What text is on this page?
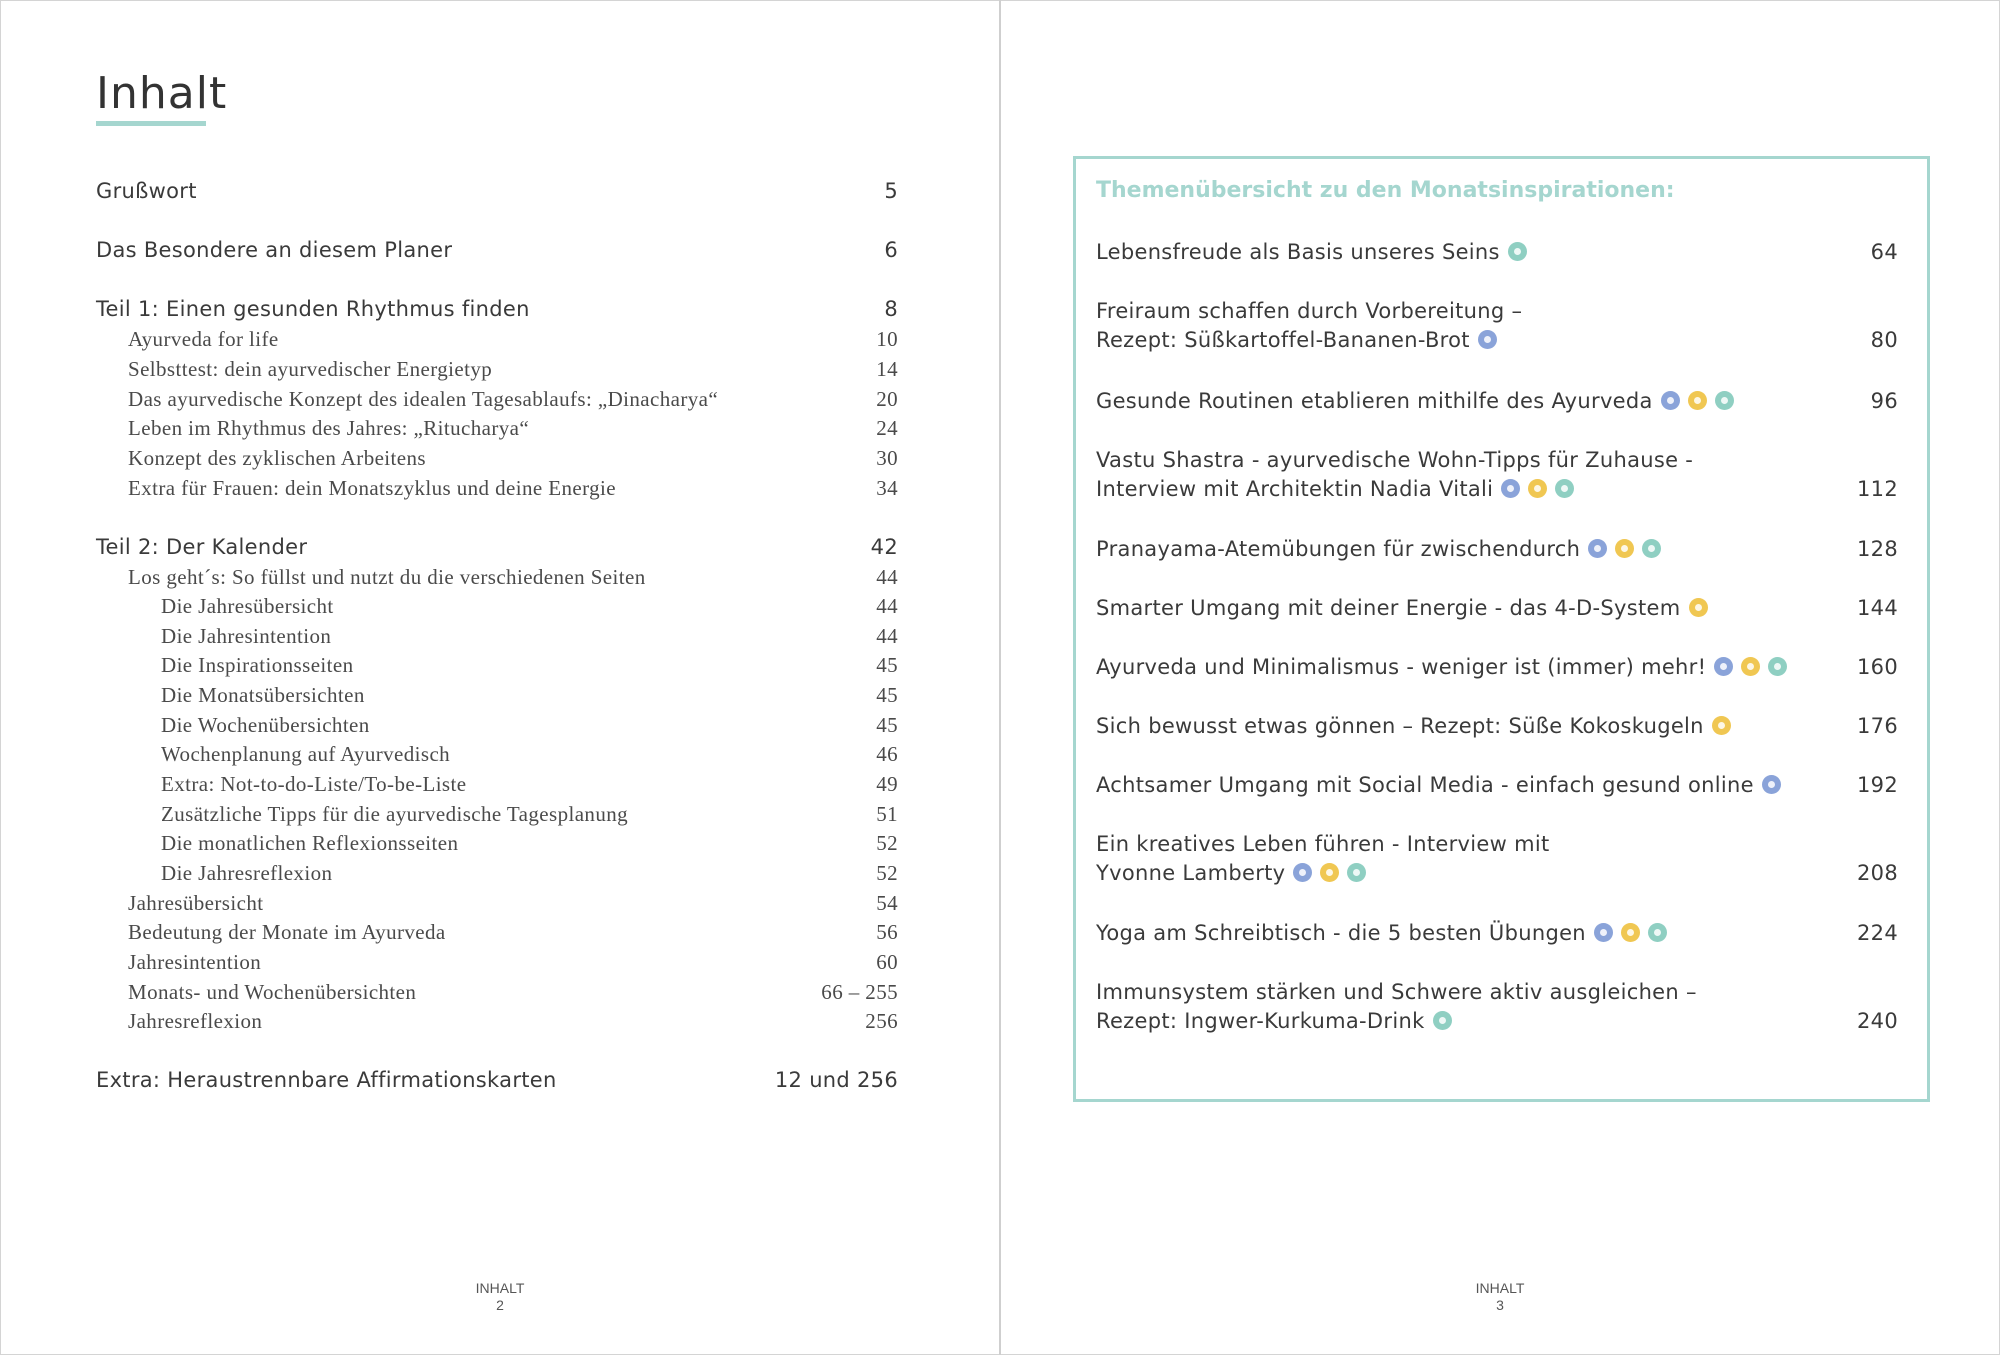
Inhalt
Grußwort	5
Das Besondere an diesem Planer	6
Teil 1: Einen gesunden Rhythmus finden	8
Ayurveda for life	10
Selbsttest: dein ayurvedischer Energietyp	14
Das ayurvedische Konzept des idealen Tagesablaufs: „Dinacharya“	20
Leben im Rhythmus des Jahres: „Ritucharya“	24
Konzept des zyklischen Arbeitens	30
Extra für Frauen: dein Monatszyklus und deine Energie	34
Teil 2: Der Kalender	42
Los geht´s: So füllst und nutzt du die verschiedenen Seiten	44
Die Jahresübersicht	44
Die Jahresintention	44
Die Inspirationsseiten	45
Die Monatsübersichten	45
Die Wochenübersichten	45
Wochenplanung auf Ayurvedisch	46
Extra: Not-to-do-Liste/To-be-Liste	49
Zusätzliche Tipps für die ayurvedische Tagesplanung	51
Die monatlichen Reflexionsseiten	52
Die Jahresreflexion	52
Jahresübersicht	54
Bedeutung der Monate im Ayurveda	56
Jahresintention	60
Monats- und Wochenübersichten	66 – 255
Jahresreflexion	256
Extra: Heraustrennbare Affirmationskarten	12 und 256
INHALT
2
Themenübersicht zu den Monatsinspirationen:
Lebensfreude als Basis unseres Seins	64
Freiraum schaffen durch Vorbereitung –
Rezept: Süßkartoffel-Bananen-Brot	80
Gesunde Routinen etablieren mithilfe des Ayurveda	96
Vastu Shastra - ayurvedische Wohn-Tipps für Zuhause -
Interview mit Architektin Nadia Vitali	112
Pranayama-Atemübungen für zwischendurch	128
Smarter Umgang mit deiner Energie - das 4-D-System	144
Ayurveda und Minimalismus - weniger ist (immer) mehr!	160
Sich bewusst etwas gönnen – Rezept: Süße Kokoskugeln	176
Achtsamer Umgang mit Social Media - einfach gesund online	192
Ein kreatives Leben führen - Interview mit
Yvonne Lamberty	208
Yoga am Schreibtisch - die 5 besten Übungen	224
Immunsystem stärken und Schwere aktiv ausgleichen –
Rezept: Ingwer-Kurkuma-Drink	240
INHALT
3
